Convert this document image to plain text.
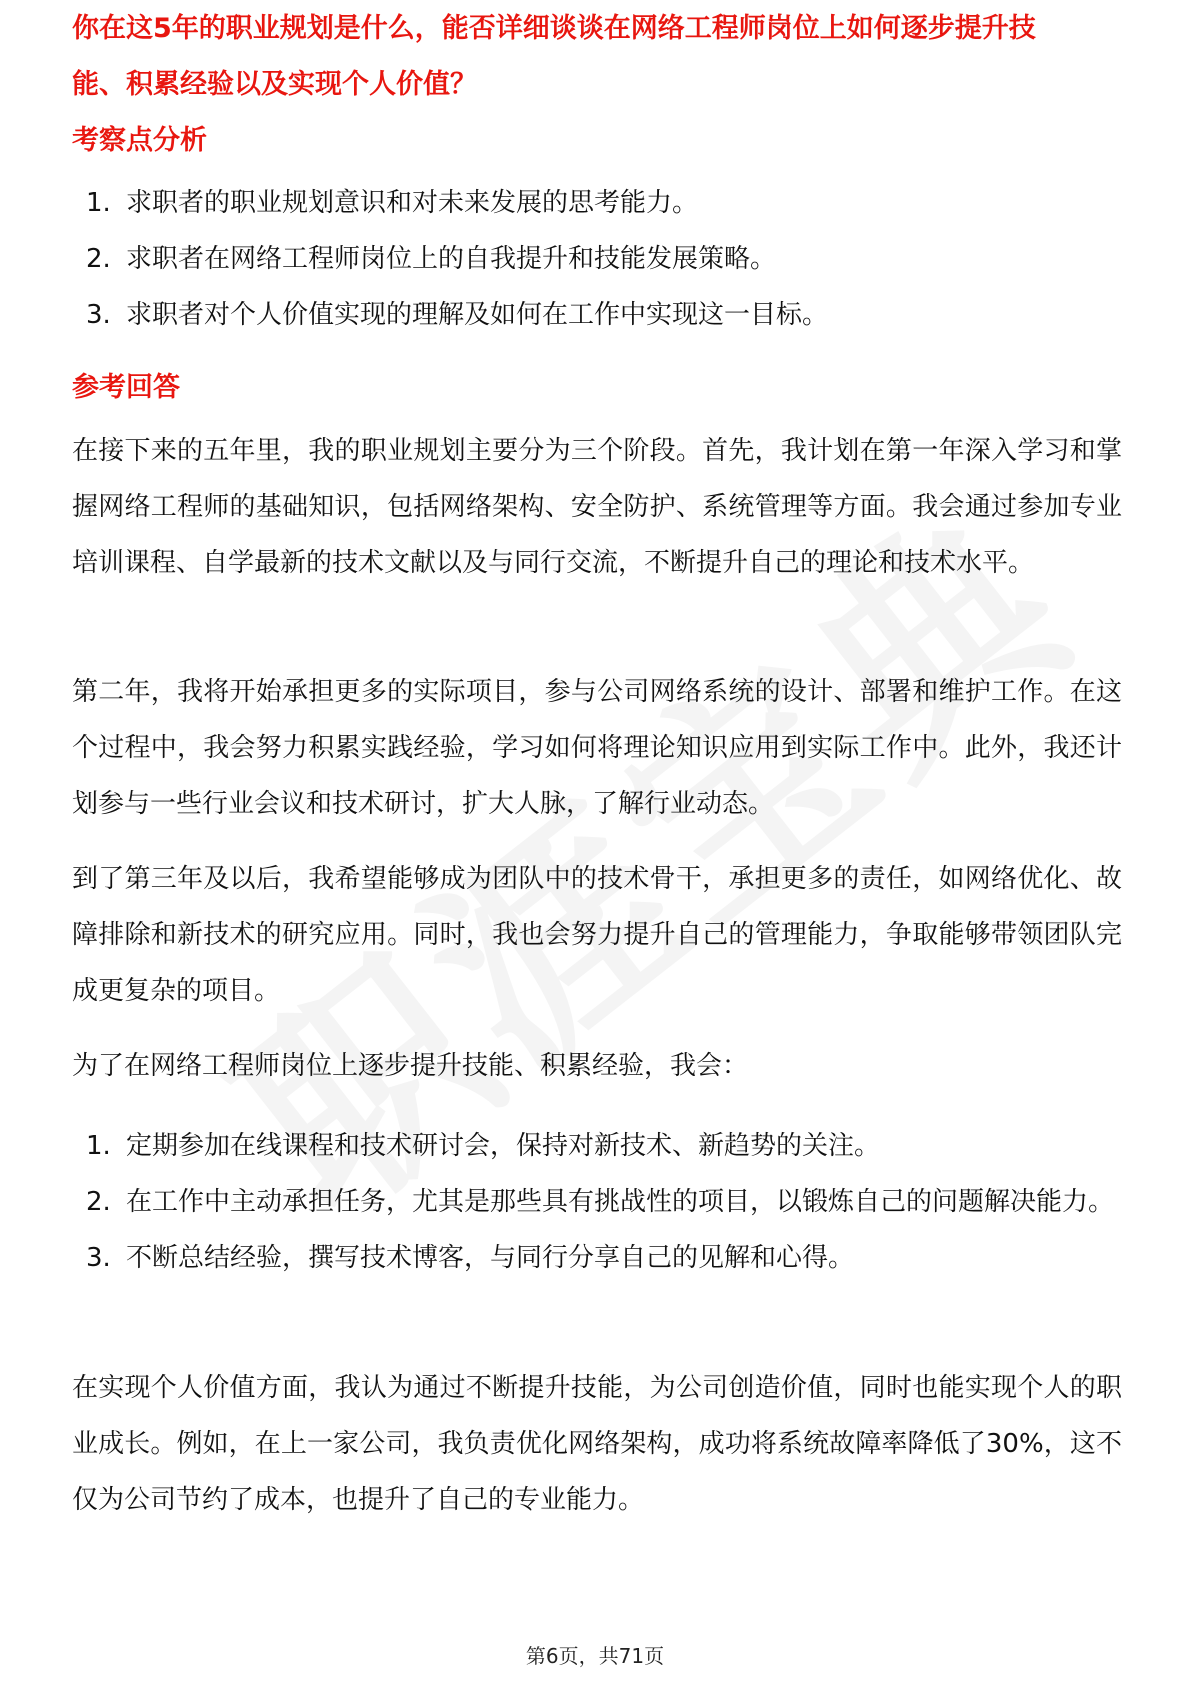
你在这5年的职业规划是什么，能否详细谈谈在网络工程师岗位上如何逐步提升技
能、积累经验以及实现个人价值？
考察点分析
1. 求职者的职业规划意识和对未来发展的思考能力。
2. 求职者在网络工程师岗位上的自我提升和技能发展策略。
3. 求职者对个人价值实现的理解及如何在工作中实现这一目标。
参考回答
在接下来的五年里，我的职业规划主要分为三个阶段。首先，我计划在第一年深入学习和掌握网络工程师的基础知识，包括网络架构、安全防护、系统管理等方面。我会通过参加专业培训课程、自学最新的技术文献以及与同行交流，不断提升自己的理论和技术水平。
第二年，我将开始承担更多的实际项目，参与公司网络系统的设计、部署和维护工作。在这个过程中，我会努力积累实践经验，学习如何将理论知识应用到实际工作中。此外，我还计划参与一些行业会议和技术研讨，扩大人脉，了解行业动态。
到了第三年及以后，我希望能够成为团队中的技术骨干，承担更多的责任，如网络优化、故障排除和新技术的研究应用。同时，我也会努力提升自己的管理能力，争取能够带领团队完成更复杂的项目。
为了在网络工程师岗位上逐步提升技能、积累经验，我会：
1. 定期参加在线课程和技术研讨会，保持对新技术、新趋势的关注。
2. 在工作中主动承担任务，尤其是那些具有挑战性的项目，以锻炼自己的问题解决能力。
3. 不断总结经验，撰写技术博客，与同行分享自己的见解和心得。
在实现个人价值方面，我认为通过不断提升技能，为公司创造价值，同时也能实现个人的职业成长。例如，在上一家公司，我负责优化网络架构，成功将系统故障率降低了30%，这不仅为公司节约了成本，也提升了自己的专业能力。
第6页，共71页
